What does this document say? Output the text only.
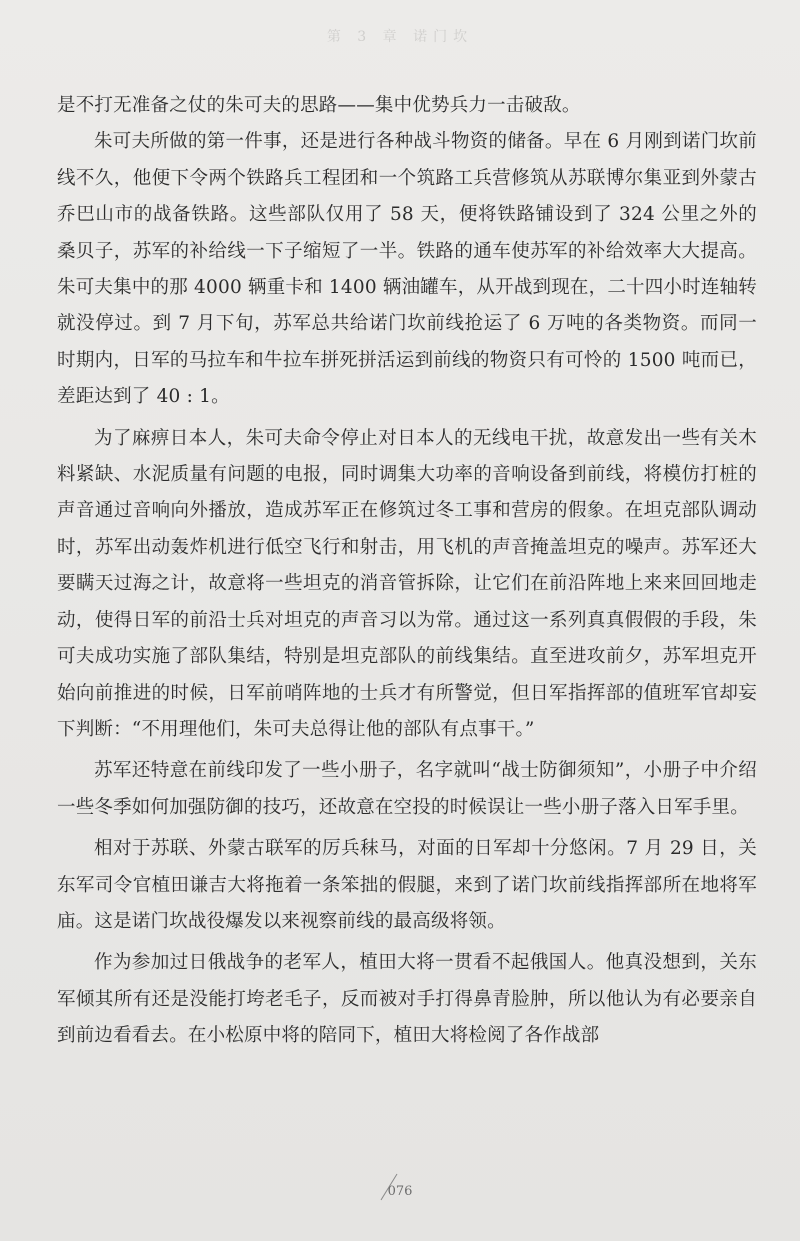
第 3 章 诺门坎

是不打无准备之仗的朱可夫的思路——集中优势兵力一击破敌。

朱可夫所做的第一件事，还是进行各种战斗物资的储备。早在 6 月刚到诺门坎前线不久，他便下令两个铁路兵工程团和一个筑路工兵营修筑从苏联博尔集亚到外蒙古乔巴山市的战备铁路。这些部队仅用了 58 天，便将铁路铺设到了 324 公里之外的桑贝子，苏军的补给线一下子缩短了一半。铁路的通车使苏军的补给效率大大提高。朱可夫集中的那 4000 辆重卡和 1400 辆油罐车，从开战到现在，二十四小时连轴转就没停过。到 7 月下旬，苏军总共给诺门坎前线抢运了 6 万吨的各类物资。而同一时期内，日军的马拉车和牛拉车拼死拼活运到前线的物资只有可怜的 1500 吨而已，差距达到了 40 : 1。

为了麻痹日本人，朱可夫命令停止对日本人的无线电干扰，故意发出一些有关木料紧缺、水泥质量有问题的电报，同时调集大功率的音响设备到前线，将模仿打桩的声音通过音响向外播放，造成苏军正在修筑过冬工事和营房的假象。在坦克部队调动时，苏军出动轰炸机进行低空飞行和射击，用飞机的声音掩盖坦克的噪声。苏军还大要瞒天过海之计，故意将一些坦克的消音管拆除，让它们在前沿阵地上来来回回地走动，使得日军的前沿士兵对坦克的声音习以为常。通过这一系列真真假假的手段，朱可夫成功实施了部队集结，特别是坦克部队的前线集结。直至进攻前夕，苏军坦克开始向前推进的时候，日军前哨阵地的士兵才有所警觉，但日军指挥部的值班军官却妄下判断：“不用理他们，朱可夫总得让他的部队有点事干。”

苏军还特意在前线印发了一些小册子，名字就叫“战士防御须知”，小册子中介绍一些冬季如何加强防御的技巧，还故意在空投的时候误让一些小册子落入日军手里。

相对于苏联、外蒙古联军的厉兵秣马，对面的日军却十分悠闲。7 月 29 日，关东军司令官植田谦吉大将拖着一条笨拙的假腿，来到了诺门坎前线指挥部所在地将军庙。这是诺门坎战役爆发以来视察前线的最高级将领。

作为参加过日俄战争的老军人，植田大将一贯看不起俄国人。他真没想到，关东军倾其所有还是没能打垮老毛子，反而被对手打得鼻青脸肿，所以他认为有必要亲自到前边看看去。在小松原中将的陪同下，植田大将检阅了各作战部

076
